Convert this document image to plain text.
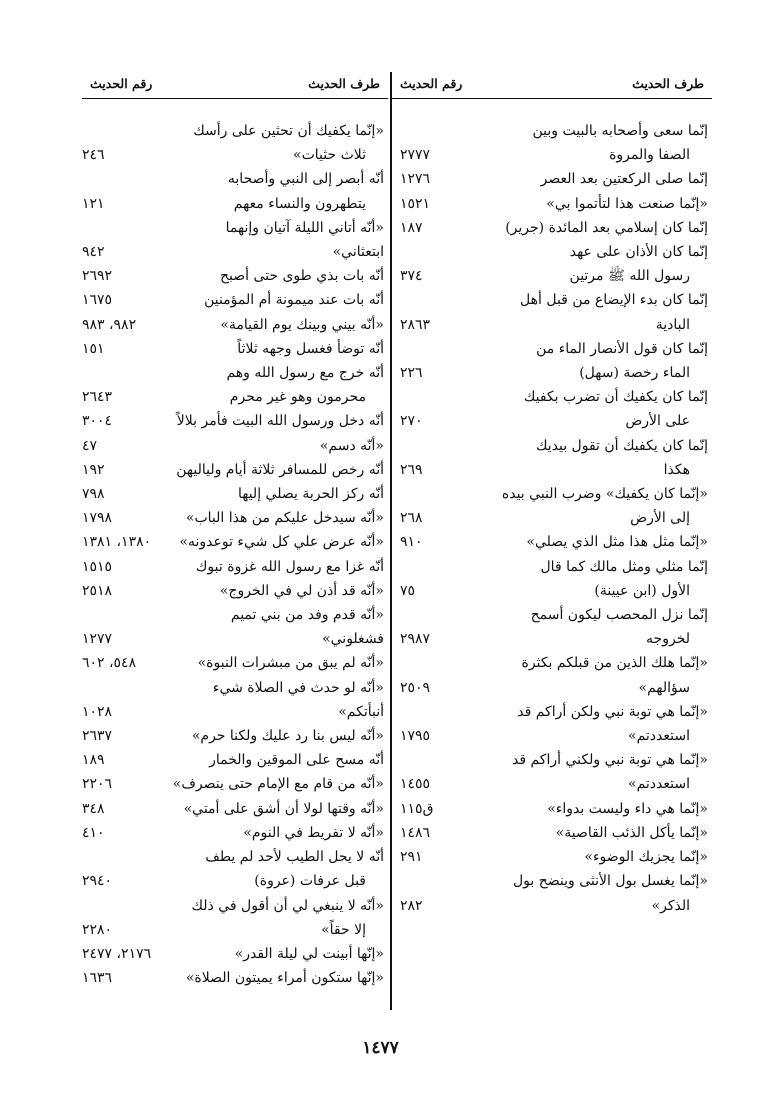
طرف الحديث
رقم الحديث
إنّما سعى وأصحابه بالبيت وبين
الصفا والمروة
٢٧٧٧
إنّما صلى الركعتين بعد العصر
١٢٧٦
«إنّما صنعت هذا لتأتموا بي»
١٥٢١
إنّما كان إسلامي بعد المائدة (جرير)
١٨٧
إنّما كان الأذان على عهد
رسول الله ﷺ مرتين
٣٧٤
إنّما كان بدء الإيضاع من قبل أهل
البادية
٢٨٦٣
إنّما كان قول الأنصار الماء من
الماء رخصة (سهل)
٢٢٦
إنّما كان يكفيك أن تضرب بكفيك
على الأرض
٢٧٠
إنّما كان يكفيك أن تقول بيديك
هكذا
٢٦٩
«إنّما كان يكفيك» وضرب النبي بيده
إلى الأرض
٢٦٨
«إنّما مثل هذا مثل الذي يصلي»
٩١٠
إنّما مثلي ومثل مالك كما قال
الأول (ابن عيينة)
٧٥
إنّما نزل المحصب ليكون أسمح
لخروجه
٢٩٨٧
«إنّما هلك الذين من قبلكم بكثرة
سؤالهم»
٢٥٠٩
«إنّما هي توبة نبي ولكن أراكم قد
استعددتم»
١٧٩٥
«إنّما هي توبة نبي ولكني أراكم قد
استعددتم»
١٤٥٥
«إنّما هي داء وليست بدواء»
ق١١٥
«إنّما يأكل الذئب القاصية»
١٤٨٦
«إنّما يجزيك الوضوء»
٢٩١
«إنّما يغسل بول الأنثى وينضح بول
الذكر»
٢٨٢
طرف الحديث
رقم الحديث
«إنّما يكفيك أن تحثين على رأسك
ثلاث حثيات»
٢٤٦
أنّه أبصر إلى النبي وأصحابه
يتطهرون والنساء معهم
١٢١
«أنّه أتاني الليلة آتيان وإنهما ابتعثاني»
٩٤٢
أنّه بات بذي طوى حتى أصبح
٢٦٩٢
أنّه بات عند ميمونة أم المؤمنين
١٦٧٥
«أنّه بيني وبينك يوم القيامة»
٩٨٢، ٩٨٣
أنّه توضأ فغسل وجهه ثلاثاً
١٥١
أنّه خرج مع رسول الله وهم
محرمون وهو غير محرم
٢٦٤٣
أنّه دخل ورسول الله البيت فأمر بلالاً
٣٠٠٤
«أنّه دسم»
٤٧
أنّه رخص للمسافر ثلاثة أيام ولياليهن
١٩٢
أنّه ركز الحربة يصلي إليها
٧٩٨
«أنّه سيدخل عليكم من هذا الباب»
١٧٩٨
«أنّه عرض علي كل شيء توعدونه»
١٣٨٠، ١٣٨١
أنّه غزا مع رسول الله غزوة تبوك
١٥١٥
«أنّه قد أذن لي في الخروج»
٢٥١٨
«أنّه قدم وفد من بني تميم فشغلوني»
١٢٧٧
«أنّه لم يبق من مبشرات النبوة»
٥٤٨، ٦٠٢
«أنّه لو حدث في الصلاة شيء أنبأتكم»
١٠٢٨
«أنّه ليس بنا رد عليك ولكنا حرم»
٢٦٣٧
أنّه مسح على الموقين والخمار
١٨٩
«أنّه من قام مع الإمام حتى ينصرف»
٢٢٠٦
«أنّه وقتها لولا أن أشق على أمتي»
٣٤٨
«أنّه لا تفريط في النوم»
٤١٠
أنّه لا يحل الطيب لأحد لم يطف
قبل عرفات (عروة)
٢٩٤٠
«أنّه لا ينبغي لي أن أقول في ذلك
إلا حقاً»
٢٢٨٠
«إنّها أبينت لي ليلة القدر»
٢١٧٦، ٢٤٧٧
«إنّها ستكون أمراء يميتون الصلاة»
١٦٣٦
١٤٧٧
